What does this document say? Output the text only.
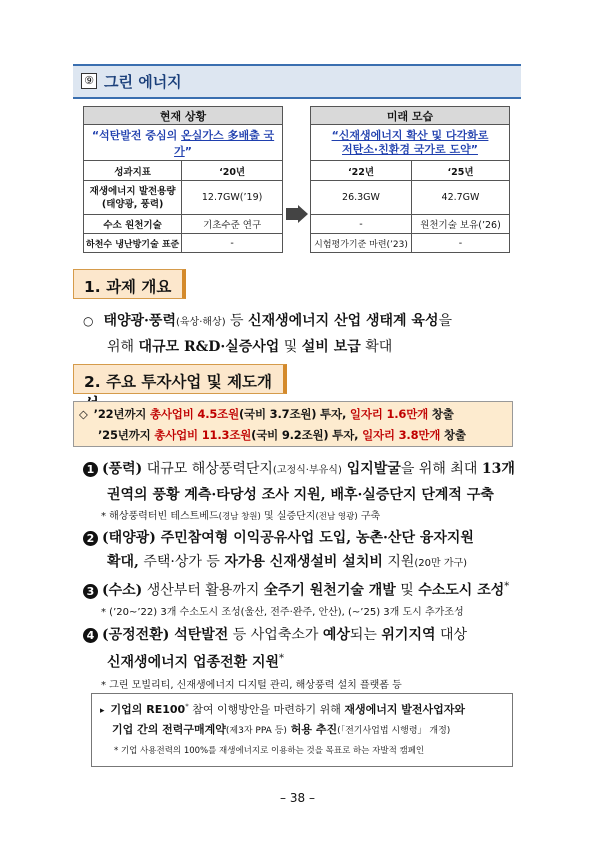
⑨ 그린 에너지
현재 상황	
“석탄발전 중심의 온실가스 多배출 국가”	
성과지표	‘20년
재생에너지 발전용량
(태양광, 풍력)	12.7GW(’19)
수소 원천기술	기초수준 연구
하천수 냉난방기술 표준	-
미래 모습	
“신재생에너지 확산 및 다각화로
저탄소·친환경 국가로 도약”	
‘22년	‘25년
26.3GW	42.7GW
-	원천기술 보유(’26)
시험평가기준 마련(’23)	-
1. 과제 개요
○ 태양광·풍력(육상·해상) 등 신재생에너지 산업 생태계 육성을
위해 대규모 R&D·실증사업 및 설비 보급 확대
2. 주요 투자사업 및 제도개
◇ ’22년까지 총사업비 4.5조원(국비 3.7조원) 투자, 일자리 1.6만개 창출
’25년까지 총사업비 11.3조원(국비 9.2조원) 투자, 일자리 3.8만개 창출
1 (풍력) 대규모 해상풍력단지(고정식·부유식) 입지발굴을 위해 최대 13개
권역의 풍황 계측·타당성 조사 지원, 배후·실증단지 단계적 구축
* 해상풍력터빈 테스트베드(경남 창원) 및 실증단지(전남 영광) 구축
2 (태양광) 주민참여형 이익공유사업 도입, 농촌·산단 융자지원
확대, 주택·상가 등 자가용 신재생설비 설치비 지원(20만 가구)
3 (수소) 생산부터 활용까지 全주기 원천기술 개발 및 수소도시 조성*
* (’20~’22) 3개 수소도시 조성(울산, 전주·완주, 안산), (~’25) 3개 도시 추가조성
4 (공정전환) 석탄발전 등 사업축소가 예상되는 위기지역 대상
신재생에너지 업종전환 지원*
* 그린 모빌리티, 신재생에너지 디지털 관리, 해상풍력 설치 플랫폼 등
▸ 기업의 RE100* 참여 이행방안을 마련하기 위해 재생에너지 발전사업자와
기업 간의 전력구매계약(제3자 PPA 등) 허용 추진(「전기사업법 시행령」 개정)
* 기업 사용전력의 100%를 재생에너지로 이용하는 것을 목표로 하는 자발적 캠페인
– 38 –
